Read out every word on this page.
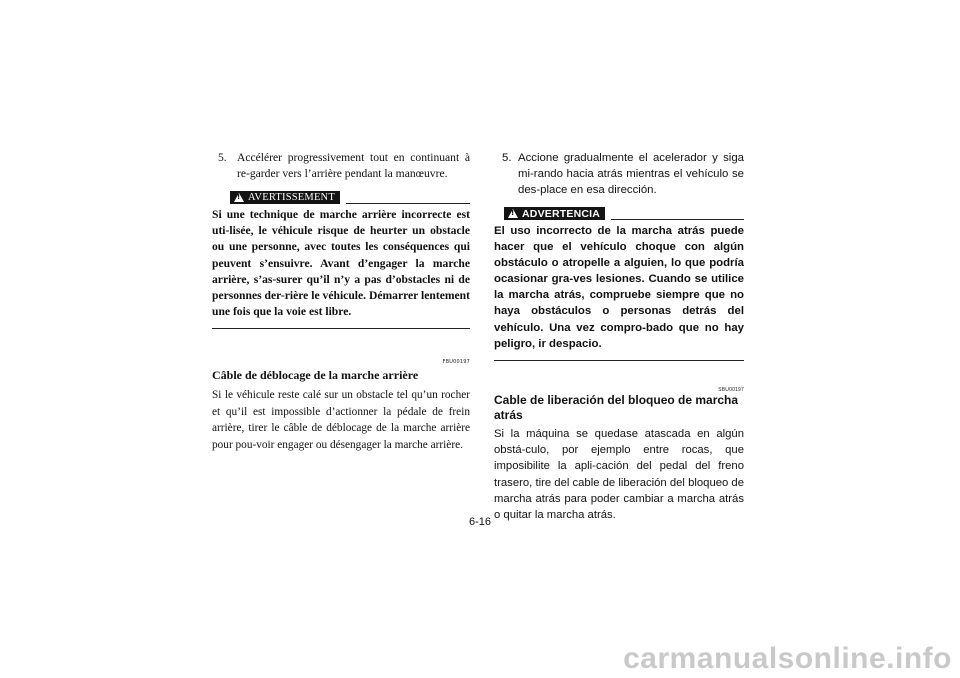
5. Accélérer progressivement tout en continuant à re-garder vers l’arrière pendant la manœuvre.
!
AVERTISSEMENT
Si une technique de marche arrière incorrecte est uti-lisée, le véhicule risque de heurter un obstacle ou une personne, avec toutes les conséquences qui peuvent s’ensuivre. Avant d’engager la marche arrière, s’as-surer qu’il n’y a pas d’obstacles ni de personnes der-rière le véhicule. Démarrer lentement une fois que la voie est libre.
FBU00197
Câble de déblocage de la marche arrière
Si le véhicule reste calé sur un obstacle tel qu’un rocher et qu’il est impossible d’actionner la pédale de frein arrière, tirer le câble de déblocage de la marche arrière pour pou-voir engager ou désengager la marche arrière.
5. Accione gradualmente el acelerador y siga mi-rando hacia atrás mientras el vehículo se des-place en esa dirección.
!
ADVERTENCIA
El uso incorrecto de la marcha atrás puede hacer que el vehículo choque con algún obstáculo o atropelle a alguien, lo que podría ocasionar gra-ves lesiones. Cuando se utilice la marcha atrás, compruebe siempre que no haya obstáculos o personas detrás del vehículo. Una vez compro-bado que no hay peligro, ir despacio.
SBU00197
Cable de liberación del bloqueo de marcha atrás
Si la máquina se quedase atascada en algún obstá-culo, por ejemplo entre rocas, que imposibilite la apli-cación del pedal del freno trasero, tire del cable de liberación del bloqueo de marcha atrás para poder cambiar a marcha atrás o quitar la marcha atrás.
6-16
carmanualsonline.info
